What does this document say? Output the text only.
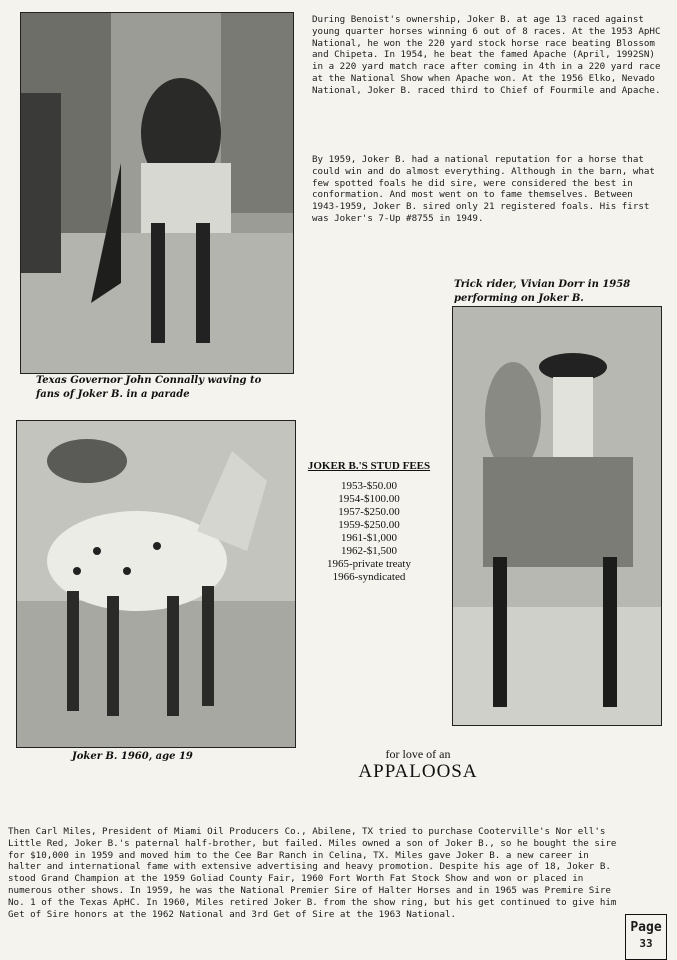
Texas Governor John Connally waving to fans of Joker B. in a parade

During Benoist's ownership, Joker B. at age 13 raced against young quarter horses winning 6 out of 8 races. At the 1953 ApHC National, he won the 220 yard stock horse race beating Blossom and Chipeta. In 1954, he beat the famed Apache (April, 1992SN) in a 220 yard match race after coming in 4th in a 220 yard race at the National Show when Apache won. At the 1956 Elko, Nevado National, Joker B. raced third to Chief of Fourmile and Apache.

By 1959, Joker B. had a national reputation for a horse that could win and do almost everything. Although in the barn, what few spotted foals he did sire, were considered the best in conformation. And most went on to fame themselves. Between 1943-1959, Joker B. sired only 21 registered foals. His first was Joker's 7-Up #8755 in 1949.

Trick rider, Vivian Dorr in 1958 performing on Joker B.
JOKER B.'S STUD FEES
1953-$50.00
1954-$100.00
1957-$250.00
1959-$250.00
1961-$1,000
1962-$1,500
1965-private treaty
1966-syndicated
Joker B. 1960, age 19	for love of an
APPALOOSA

Then Carl Miles, President of Miami Oil Producers Co., Abilene, TX tried to purchase Cooterville's Nor ell's Little Red, Joker B.'s paternal half-brother, but failed. Miles owned a son of Joker B., so he bought the sire for $10,000 in 1959 and moved him to the Cee Bar Ranch in Celina, TX. Miles gave Joker B. a new career in halter and international fame with extensive advertising and heavy promotion. Despite his age of 18, Joker B. stood Grand Champion at the 1959 Goliad County Fair, 1960 Fort Worth Fat Stock Show and won or placed in numerous other shows. In 1959, he was the National Premier Sire of Halter Horses and in 1965 was Premire Sire No. 1 of the Texas ApHC. In 1960, Miles retired Joker B. from the show ring, but his get continued to give him Get of Sire honors at the 1962 National and 3rd Get of Sire at the 1963 National.

Page
33
